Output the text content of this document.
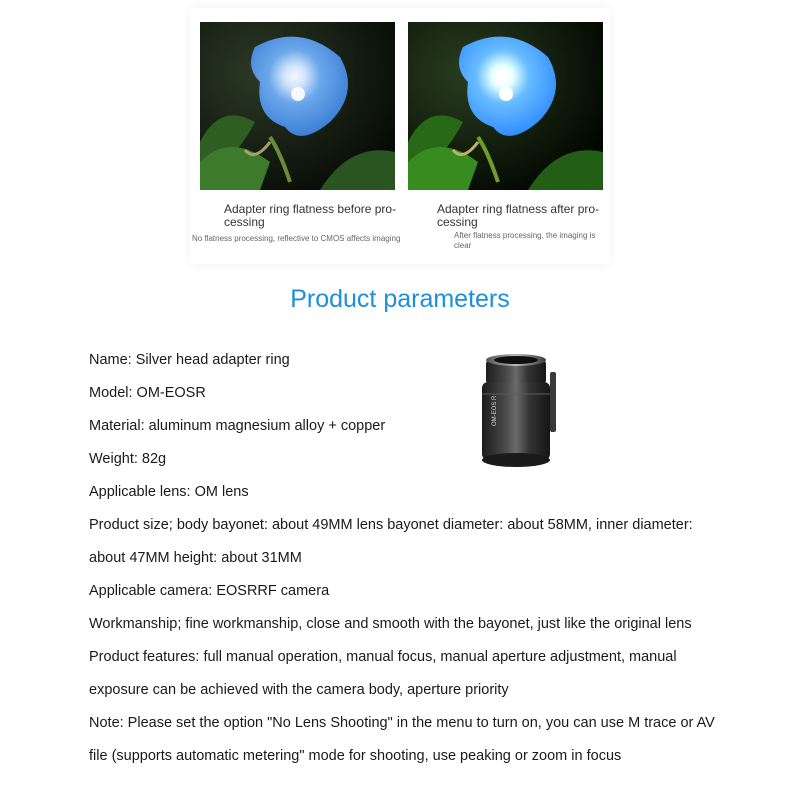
Adapter ring flatness before pro-
cessing
No flatness processing, reflective to CMOS affects imaging
Adapter ring flatness after pro-
cessing
After flatness processing, the imaging is
clear
Product parameters
OM-EOS R
Name: Silver head adapter ring
Model: OM-EOSR
Material: aluminum magnesium alloy + copper
Weight: 82g
Applicable lens: OM lens
Product size; body bayonet: about 49MM lens bayonet diameter: about 58MM, inner diameter:
about 47MM height: about 31MM
Applicable camera: EOSRRF camera
Workmanship; fine workmanship, close and smooth with the bayonet, just like the original lens
Product features: full manual operation, manual focus, manual aperture adjustment, manual
exposure can be achieved with the camera body, aperture priority
Note: Please set the option "No Lens Shooting" in the menu to turn on, you can use M trace or AV
file (supports automatic metering" mode for shooting, use peaking or zoom in focus
